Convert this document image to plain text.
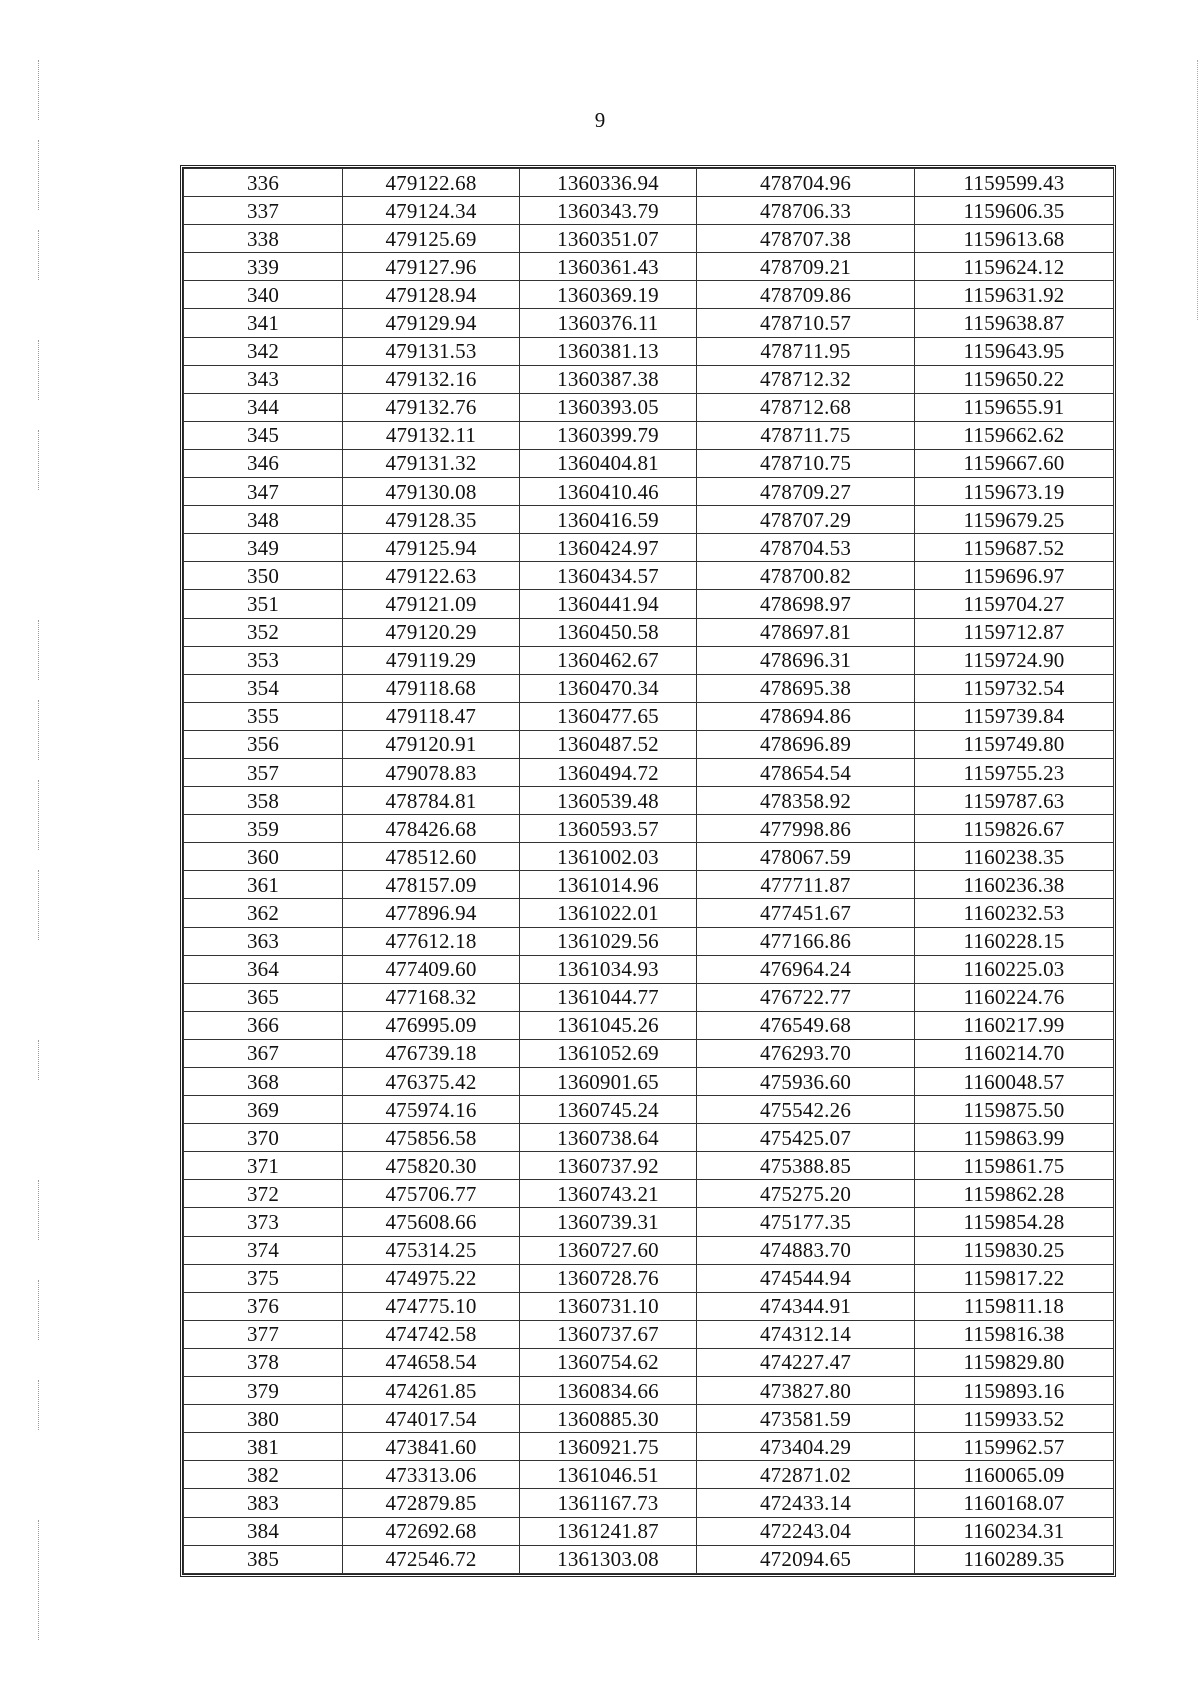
9
336	479122.68	1360336.94	478704.96	1159599.43
337	479124.34	1360343.79	478706.33	1159606.35
338	479125.69	1360351.07	478707.38	1159613.68
339	479127.96	1360361.43	478709.21	1159624.12
340	479128.94	1360369.19	478709.86	1159631.92
341	479129.94	1360376.11	478710.57	1159638.87
342	479131.53	1360381.13	478711.95	1159643.95
343	479132.16	1360387.38	478712.32	1159650.22
344	479132.76	1360393.05	478712.68	1159655.91
345	479132.11	1360399.79	478711.75	1159662.62
346	479131.32	1360404.81	478710.75	1159667.60
347	479130.08	1360410.46	478709.27	1159673.19
348	479128.35	1360416.59	478707.29	1159679.25
349	479125.94	1360424.97	478704.53	1159687.52
350	479122.63	1360434.57	478700.82	1159696.97
351	479121.09	1360441.94	478698.97	1159704.27
352	479120.29	1360450.58	478697.81	1159712.87
353	479119.29	1360462.67	478696.31	1159724.90
354	479118.68	1360470.34	478695.38	1159732.54
355	479118.47	1360477.65	478694.86	1159739.84
356	479120.91	1360487.52	478696.89	1159749.80
357	479078.83	1360494.72	478654.54	1159755.23
358	478784.81	1360539.48	478358.92	1159787.63
359	478426.68	1360593.57	477998.86	1159826.67
360	478512.60	1361002.03	478067.59	1160238.35
361	478157.09	1361014.96	477711.87	1160236.38
362	477896.94	1361022.01	477451.67	1160232.53
363	477612.18	1361029.56	477166.86	1160228.15
364	477409.60	1361034.93	476964.24	1160225.03
365	477168.32	1361044.77	476722.77	1160224.76
366	476995.09	1361045.26	476549.68	1160217.99
367	476739.18	1361052.69	476293.70	1160214.70
368	476375.42	1360901.65	475936.60	1160048.57
369	475974.16	1360745.24	475542.26	1159875.50
370	475856.58	1360738.64	475425.07	1159863.99
371	475820.30	1360737.92	475388.85	1159861.75
372	475706.77	1360743.21	475275.20	1159862.28
373	475608.66	1360739.31	475177.35	1159854.28
374	475314.25	1360727.60	474883.70	1159830.25
375	474975.22	1360728.76	474544.94	1159817.22
376	474775.10	1360731.10	474344.91	1159811.18
377	474742.58	1360737.67	474312.14	1159816.38
378	474658.54	1360754.62	474227.47	1159829.80
379	474261.85	1360834.66	473827.80	1159893.16
380	474017.54	1360885.30	473581.59	1159933.52
381	473841.60	1360921.75	473404.29	1159962.57
382	473313.06	1361046.51	472871.02	1160065.09
383	472879.85	1361167.73	472433.14	1160168.07
384	472692.68	1361241.87	472243.04	1160234.31
385	472546.72	1361303.08	472094.65	1160289.35
